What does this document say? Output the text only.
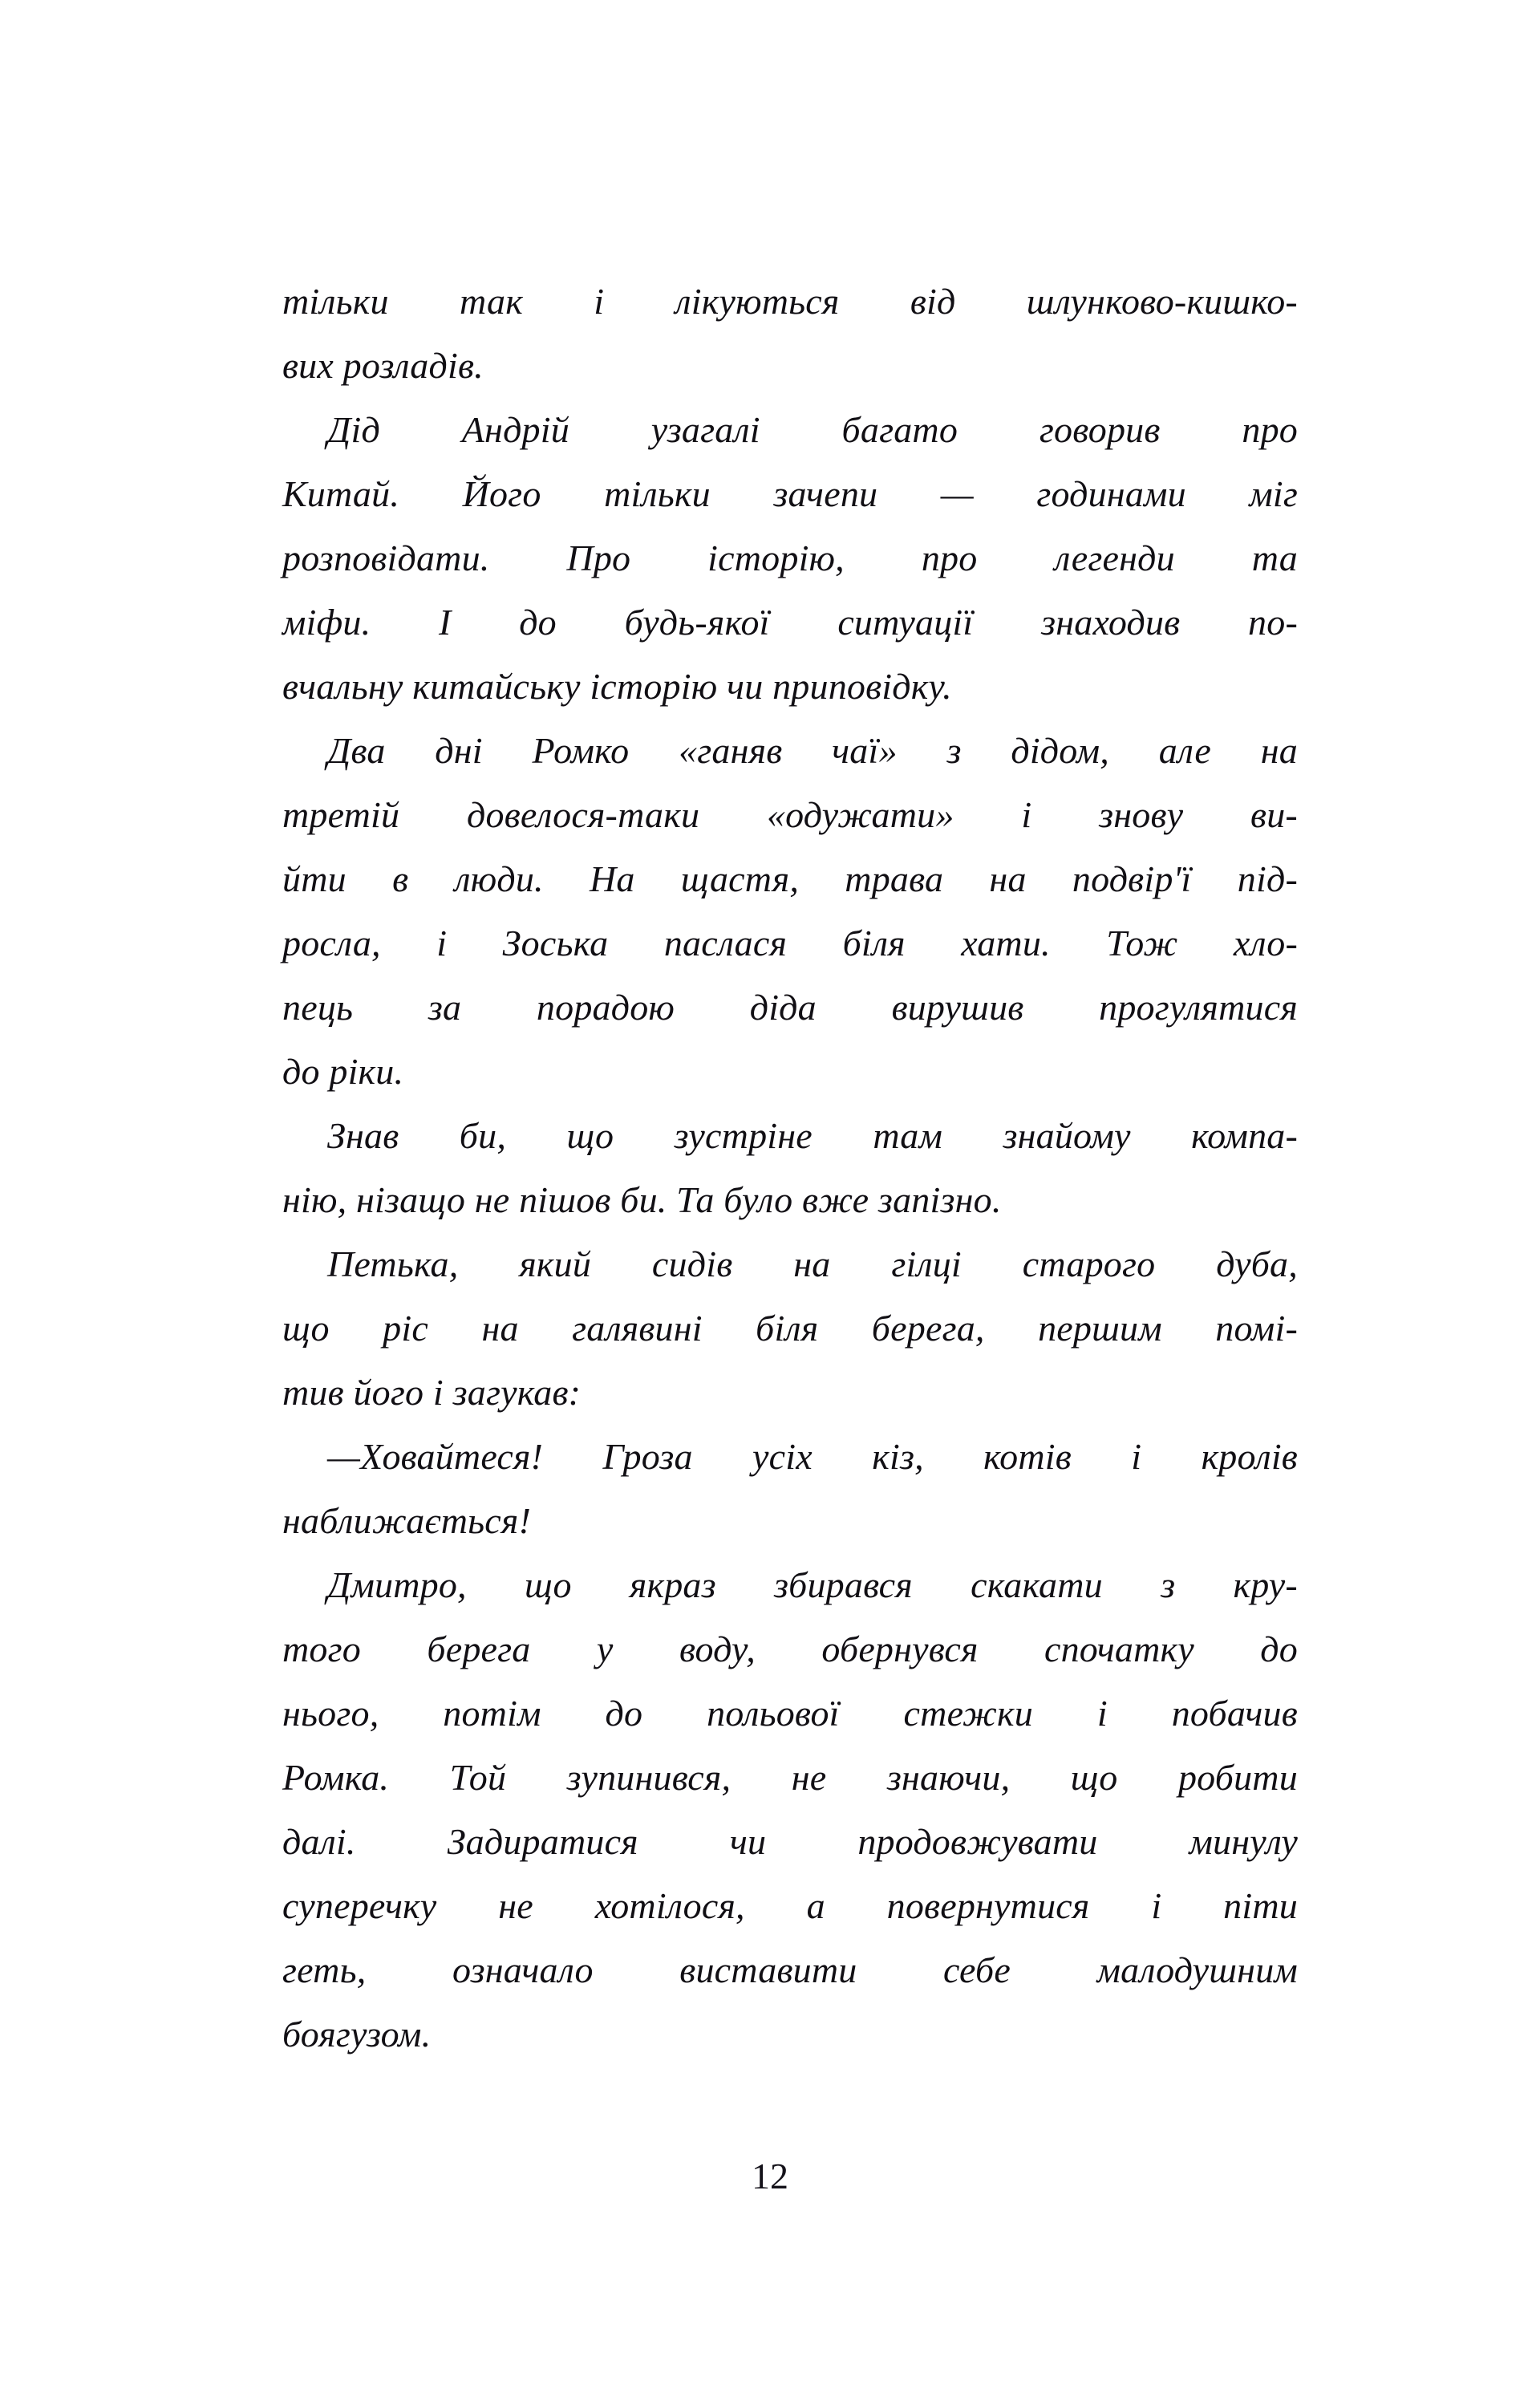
тільки так і лікуються від шлунково-кишко-
вих розладів.
Дід Андрій узагалі багато говорив про
Китай. Його тільки зачепи — годинами міг
розповідати. Про історію, про легенди та
міфи. І до будь-якої ситуації знаходив по-
вчальну китайську історію чи приповідку.
Два дні Ромко «ганяв чаї» з дідом, але на
третій довелося-таки «одужати» і знову ви-
йти в люди. На щастя, трава на подвір'ї під-
росла, і Зоська паслася біля хати. Тож хло-
пець за порадою діда вирушив прогулятися
до ріки.
Знав би, що зустріне там знайому компа-
нію, нізащо не пішов би. Та було вже запізно.
Петька, який сидів на гілці старого дуба,
що ріс на галявині біля берега, першим помі-
тив його і загукав:
—Ховайтеся! Гроза усіх кіз, котів і кролів
наближається!
Дмитро, що якраз збирався скакати з кру-
того берега у воду, обернувся спочатку до
нього, потім до польової стежки і побачив
Ромка. Той зупинився, не знаючи, що робити
далі. Задиратися чи продовжувати минулу
суперечку не хотілося, а повернутися і піти
геть, означало виставити себе малодушним
боягузом.
12
